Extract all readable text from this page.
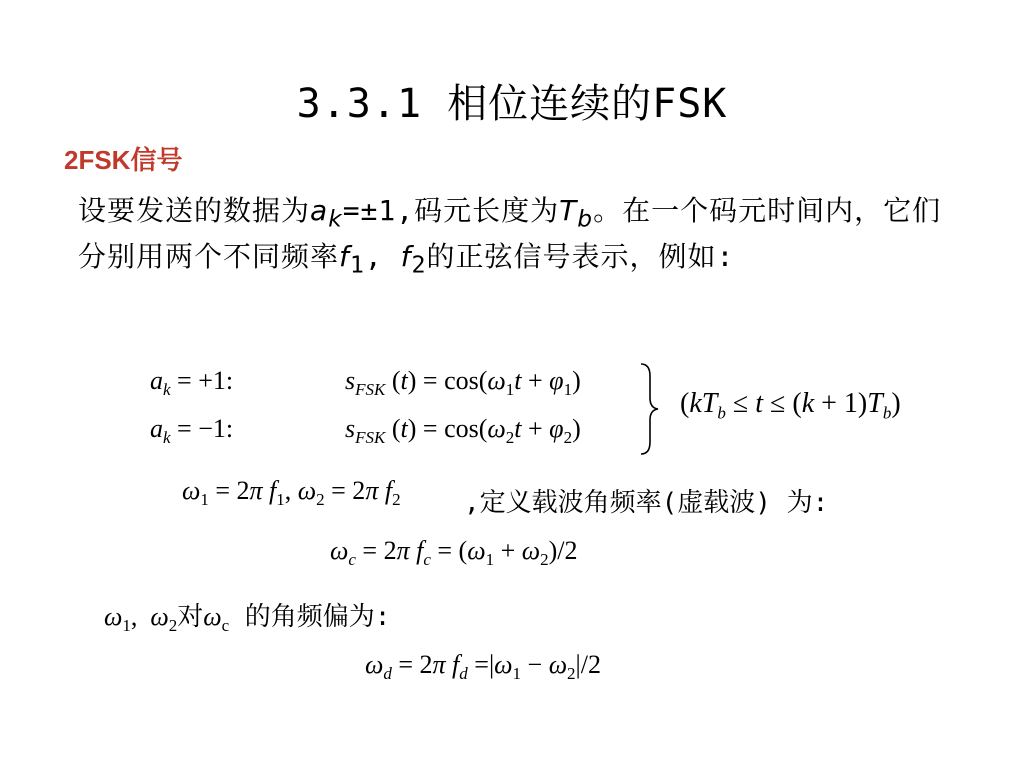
3.3.1 相位连续的FSK
2FSK信号
设要发送的数据为$a_k=\pm 1$,码元长度为$T_b$。在一个码元时间内，它们分别用两个不同频率$f_1$, $f_2$的正弦信号表示，例如:
$a_k = +1$:	$s_{FSK}$ $(t) = \cos(\omega_1t + \varphi_1)$
$a_k = -1$:	$s_{FSK}$ $(t) = \cos(\omega_2t + \varphi_2)$
$(kT_b \le t \le (k + 1)T_b)$
$\omega_1 = 2\pi$ $f_1$, $\omega_2 = 2\pi$ $f_2$ ,定义载波角频率(虚载波) 为:
$\omega_c = 2\pi$ $f_c = (\omega_1 + \omega_2)/2$
$\omega_1$,  $\omega_2$对$\omega_c$ 的角频偏为:
$\omega_d = 2\pi$ $f_d =|\omega_1 - \omega_2|/2$
